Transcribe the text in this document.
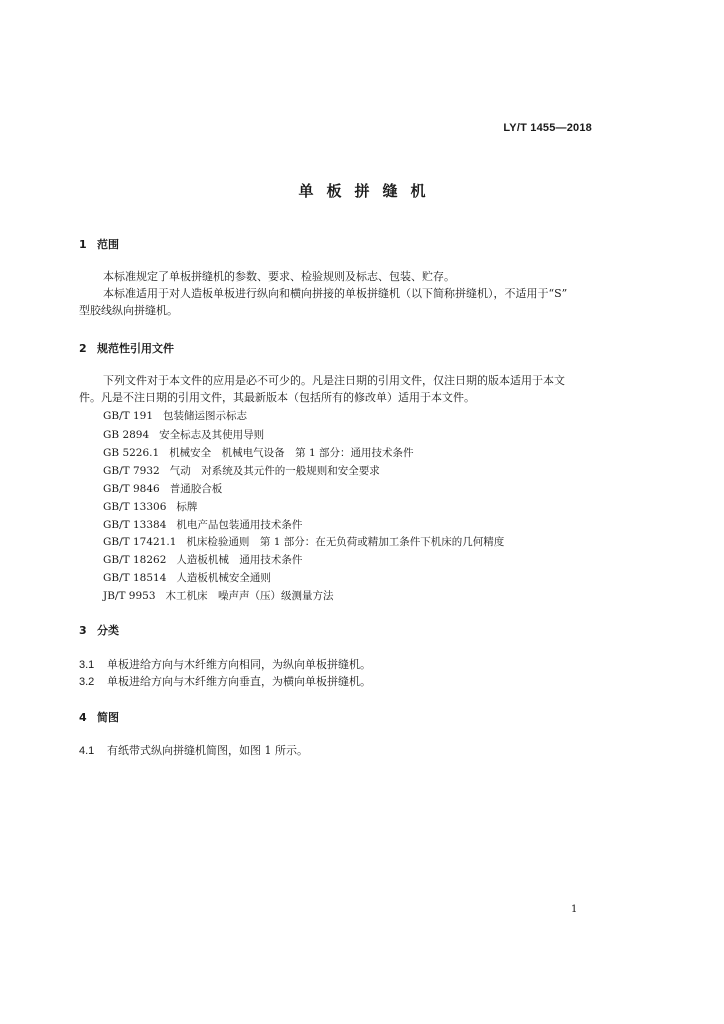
LY/T 1455—2018
单板拼缝机
1 范围
本标准规定了单板拼缝机的参数、要求、检验规则及标志、包装、贮存。
本标准适用于对人造板单板进行纵向和横向拼接的单板拼缝机（以下简称拼缝机），不适用于“S”
型胶线纵向拼缝机。
2 规范性引用文件
下列文件对于本文件的应用是必不可少的。凡是注日期的引用文件，仅注日期的版本适用于本文
件。凡是不注日期的引用文件，其最新版本（包括所有的修改单）适用于本文件。
GB/T 191 包装储运图示标志
GB 2894 安全标志及其使用导则
GB 5226.1 机械安全　机械电气设备　第 1 部分：通用技术条件
GB/T 7932 气动　对系统及其元件的一般规则和安全要求
GB/T 9846 普通胶合板
GB/T 13306 标牌
GB/T 13384 机电产品包装通用技术条件
GB/T 17421.1 机床检验通则　第 1 部分：在无负荷或精加工条件下机床的几何精度
GB/T 18262 人造板机械　通用技术条件
GB/T 18514 人造板机械安全通则
JB/T 9953 木工机床　噪声声（压）级测量方法
3 分类
3.1 单板进给方向与木纤维方向相同，为纵向单板拼缝机。
3.2 单板进给方向与木纤维方向垂直，为横向单板拼缝机。
4 简图
4.1 有纸带式纵向拼缝机简图，如图 1 所示。
1
